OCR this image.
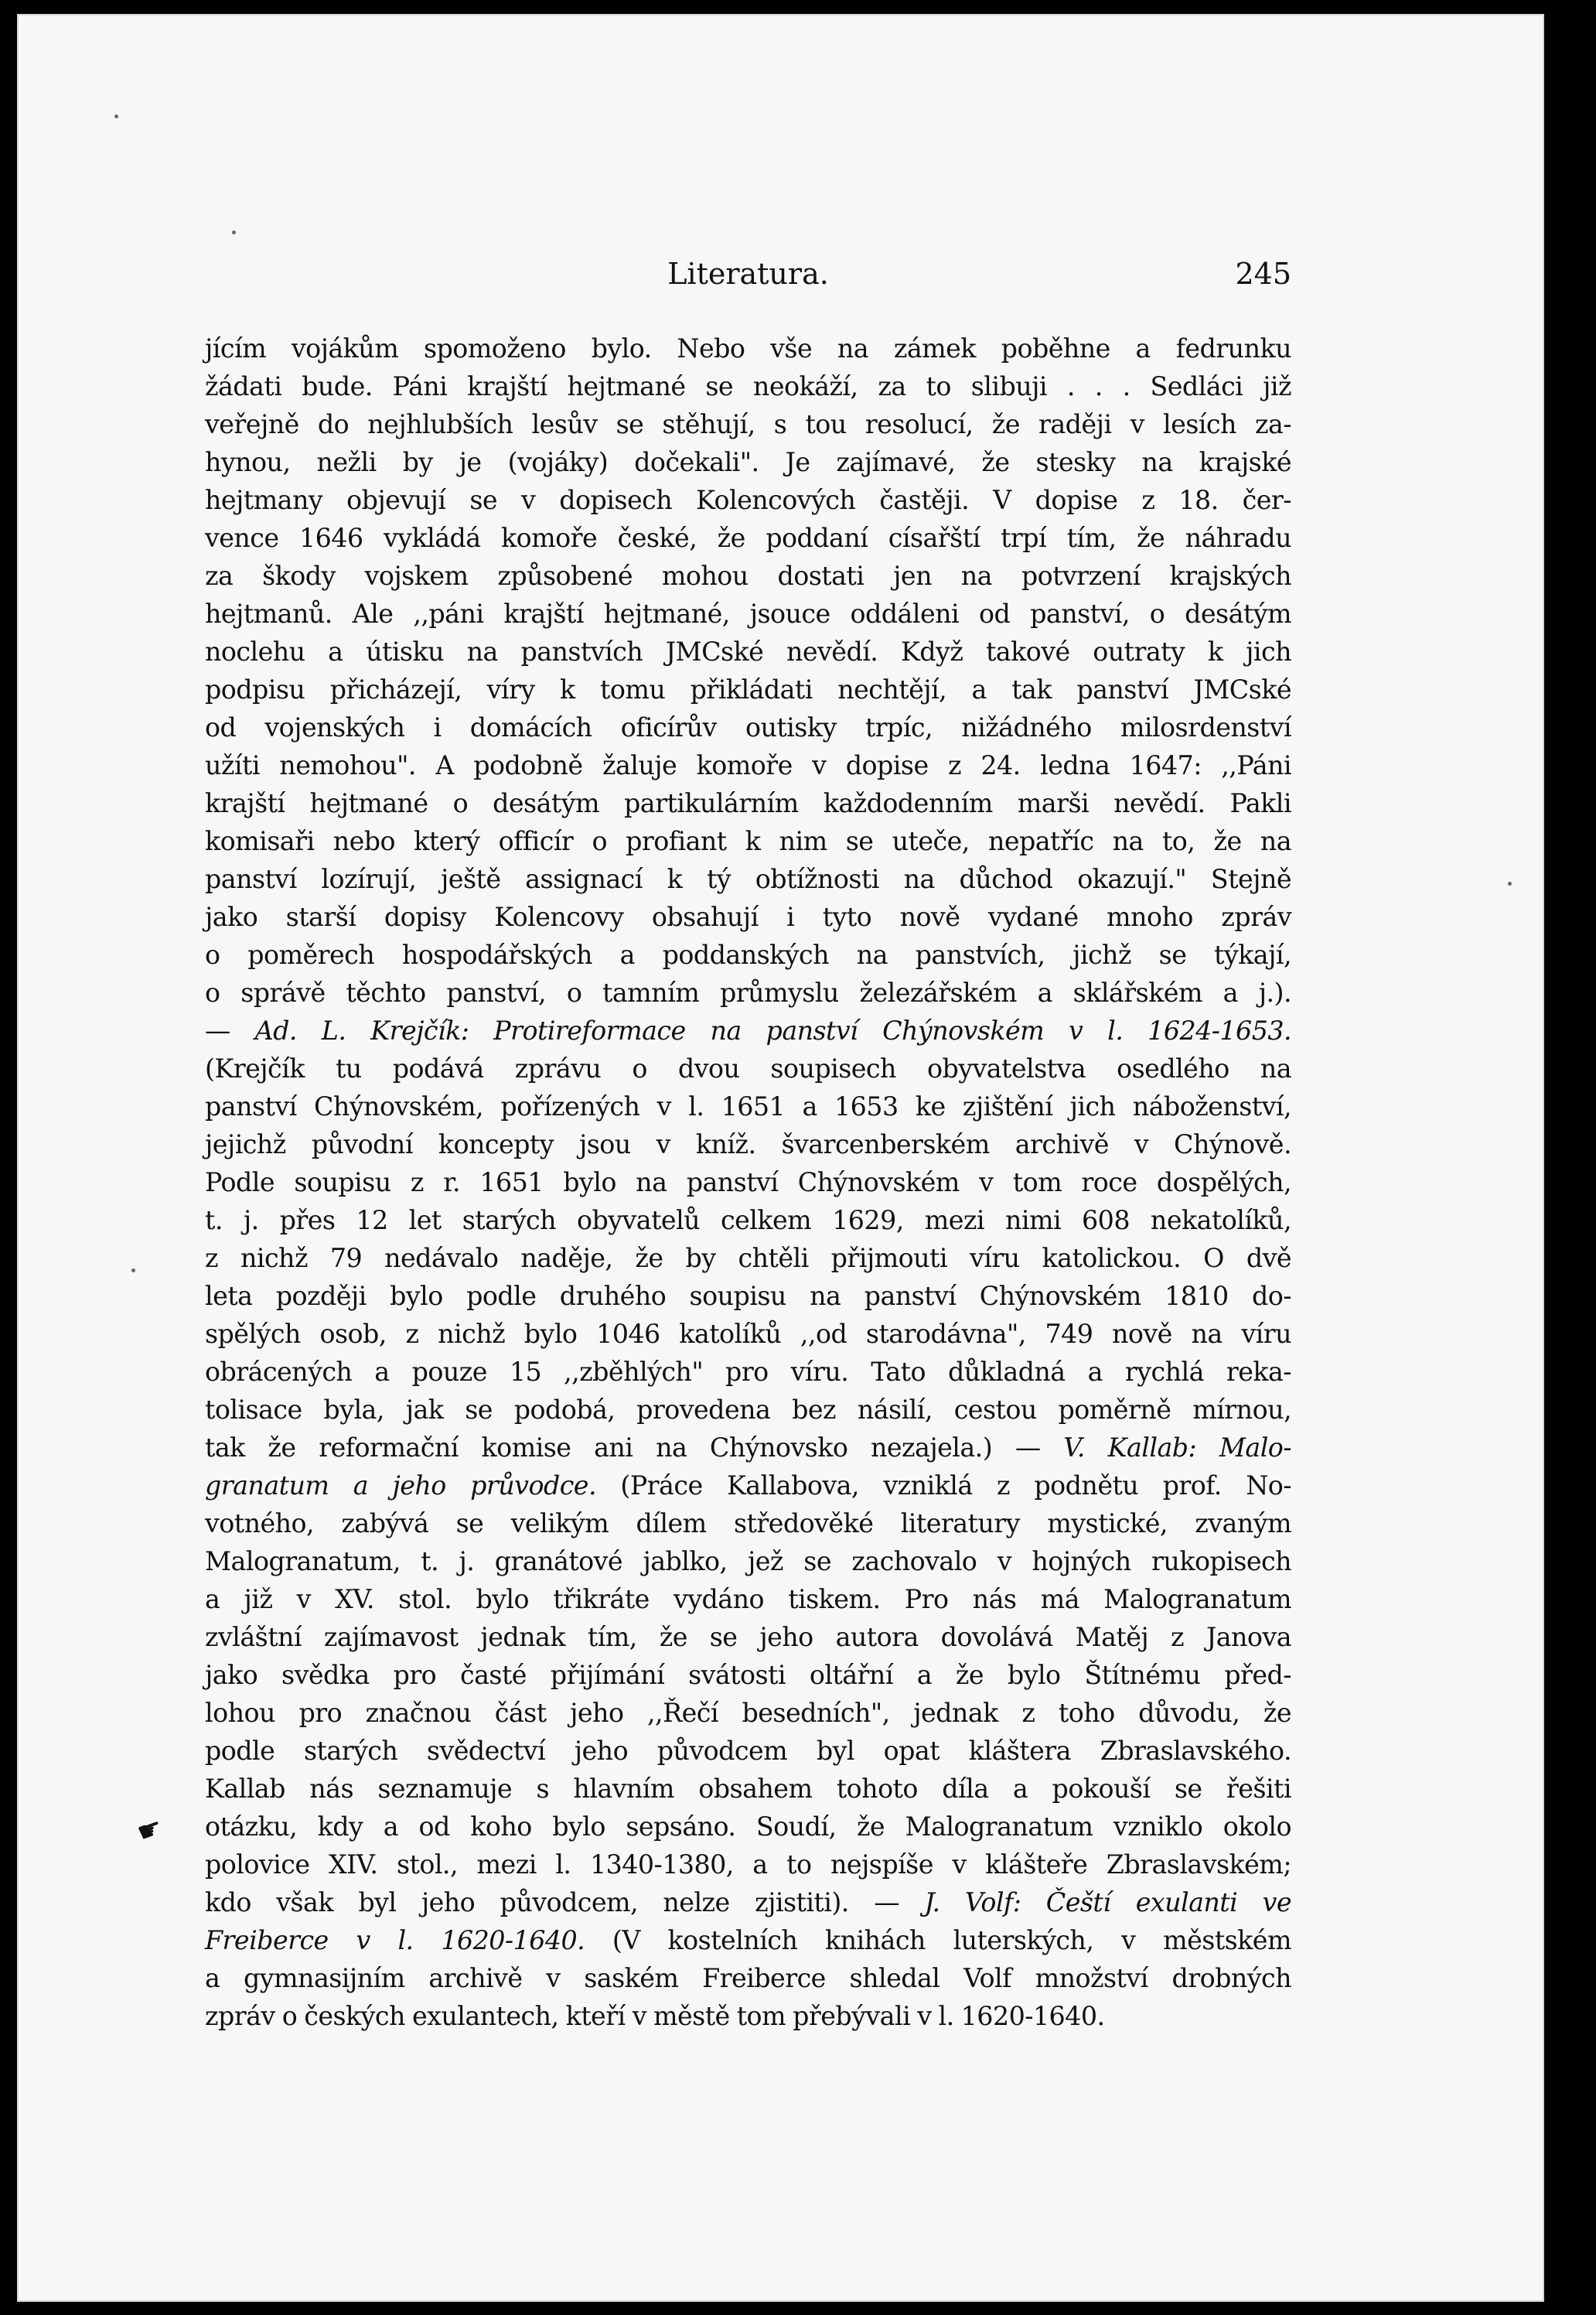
Literatura.	245
jícím vojákům spomoženo bylo. Nebo vše na zámek poběhne a fedrunku
žádati bude. Páni krajští hejtmané se neokáží, za to slibuji . . . Sedláci již
veřejně do nejhlubších lesův se stěhují, s tou resolucí, že raději v lesích za-
hynou, nežli by je (vojáky) dočekali". Je zajímavé, že stesky na krajské
hejtmany objevují se v dopisech Kolencových častěji. V dopise z 18. čer-
vence 1646 vykládá komoře české, že poddaní císařští trpí tím, že náhradu
za škody vojskem způsobené mohou dostati jen na potvrzení krajských
hejtmanů. Ale ,,páni krajští hejtmané, jsouce oddáleni od panství, o desátým
noclehu a útisku na panstvích JMCské nevědí. Když takové outraty k jich
podpisu přicházejí, víry k tomu přikládati nechtějí, a tak panství JMCské
od vojenských i domácích oficírův outisky trpíc, nižádného milosrdenství
užíti nemohou". A podobně žaluje komoře v dopise z 24. ledna 1647: ,,Páni
krajští hejtmané o desátým partikulárním každodenním marši nevědí. Pakli
komisaři nebo který officír o profiant k nim se uteče, nepatříc na to, že na
panství lozírují, ještě assignací k tý obtížnosti na důchod okazují." Stejně
jako starší dopisy Kolencovy obsahují i tyto nově vydané mnoho zpráv
o poměrech hospodářských a poddanských na panstvích, jichž se týkají,
o správě těchto panství, o tamním průmyslu železářském a sklářském a j.).
— Ad. L. Krejčík: Protireformace na panství Chýnovském v l. 1624-1653.
(Krejčík tu podává zprávu o dvou soupisech obyvatelstva osedlého na
panství Chýnovském, pořízených v l. 1651 a 1653 ke zjištění jich náboženství,
jejichž původní koncepty jsou v kníž. švarcenberském archivě v Chýnově.
Podle soupisu z r. 1651 bylo na panství Chýnovském v tom roce dospělých,
t. j. přes 12 let starých obyvatelů celkem 1629, mezi nimi 608 nekatolíků,
z nichž 79 nedávalo naděje, že by chtěli přijmouti víru katolickou. O dvě
leta později bylo podle druhého soupisu na panství Chýnovském 1810 do-
spělých osob, z nichž bylo 1046 katolíků ,,od starodávna", 749 nově na víru
obrácených a pouze 15 ,,zběhlých" pro víru. Tato důkladná a rychlá reka-
tolisace byla, jak se podobá, provedena bez násilí, cestou poměrně mírnou,
tak že reformační komise ani na Chýnovsko nezajela.) — V. Kallab: Malo-
granatum a jeho průvodce. (Práce Kallabova, vzniklá z podnětu prof. No-
votného, zabývá se velikým dílem středověké literatury mystické, zvaným
Malogranatum, t. j. granátové jablko, jež se zachovalo v hojných rukopisech
a již v XV. stol. bylo třikráte vydáno tiskem. Pro nás má Malogranatum
zvláštní zajímavost jednak tím, že se jeho autora dovolává Matěj z Janova
jako svědka pro časté přijímání svátosti oltářní a že bylo Štítnému před-
lohou pro značnou část jeho ,,Řečí besedních", jednak z toho důvodu, že
podle starých svědectví jeho původcem byl opat kláštera Zbraslavského.
Kallab nás seznamuje s hlavním obsahem tohoto díla a pokouší se řešiti
otázku, kdy a od koho bylo sepsáno. Soudí, že Malogranatum vzniklo okolo
polovice XIV. stol., mezi l. 1340-1380, a to nejspíše v klášteře Zbraslavském;
kdo však byl jeho původcem, nelze zjistiti). — J. Volf: Čeští exulanti ve
Freiberce v l. 1620-1640. (V kostelních knihách luterských, v městském
a gymnasijním archivě v saském Freiberce shledal Volf množství drobných
zpráv o českých exulantech, kteří v městě tom přebývali v l. 1620-1640.
☛
